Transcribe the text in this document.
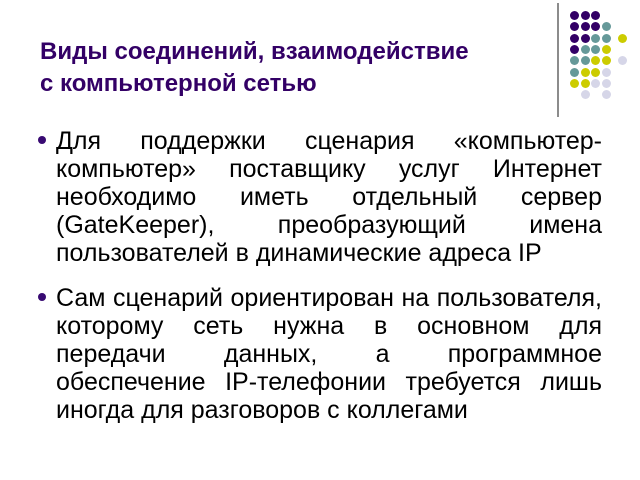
Виды соединений, взаимодействие
с компьютерной сетью
Для поддержки сценария «компьютер-компьютер» поставщику услуг Интернет необходимо иметь отдельный сервер (GateKeeper), преобразующий имена пользователей в динамические адреса IP
Сам сценарий ориентирован на пользователя, которому сеть нужна в основном для передачи данных, а программное обеспечение IP-телефонии требуется лишь иногда для разговоров с коллегами
